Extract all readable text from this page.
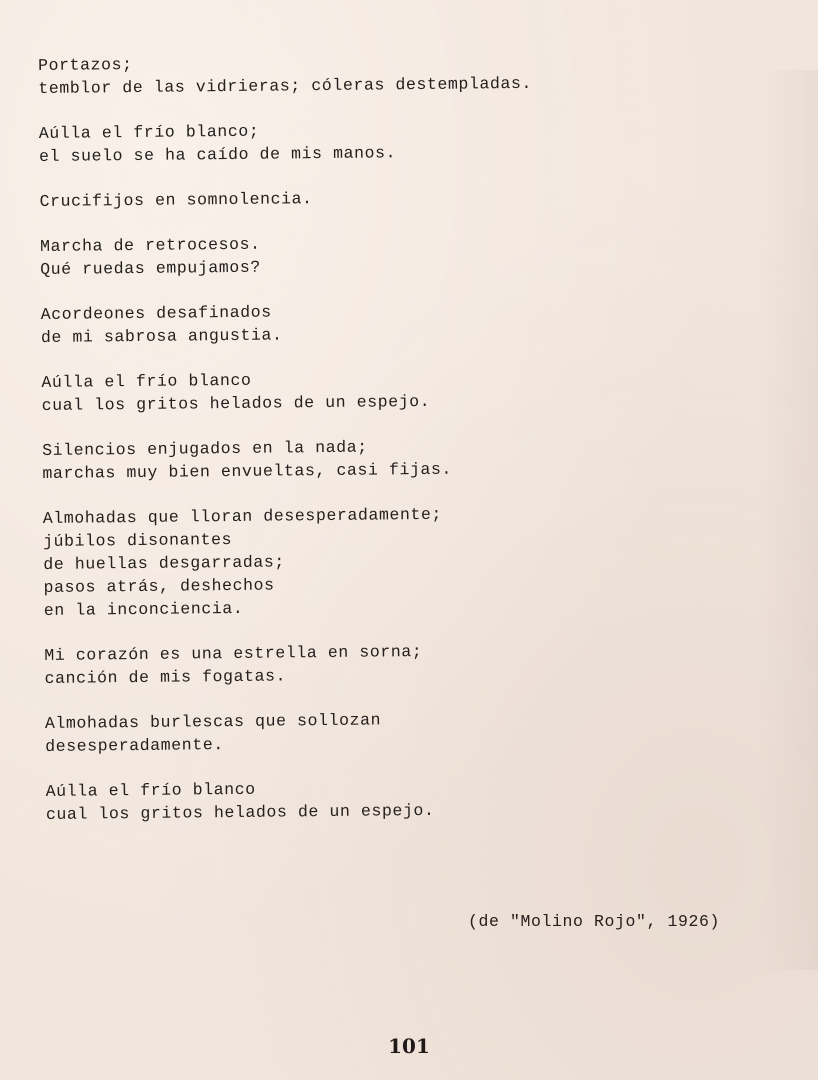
Portazos;
temblor de las vidrieras; cóleras destempladas.
Aúlla el frío blanco;
el suelo se ha caído de mis manos.
Crucifijos en somnolencia.
Marcha de retrocesos.
Qué ruedas empujamos?
Acordeones desafinados
de mi sabrosa angustia.
Aúlla el frío blanco
cual los gritos helados de un espejo.
Silencios enjugados en la nada;
marchas muy bien envueltas, casi fijas.
Almohadas que lloran desesperadamente;
júbilos disonantes
de huellas desgarradas;
pasos atrás, deshechos
en la inconciencia.
Mi corazón es una estrella en sorna;
canción de mis fogatas.
Almohadas burlescas que sollozan
desesperadamente.
Aúlla el frío blanco
cual los gritos helados de un espejo.
(de "Molino Rojo", 1926)
101
